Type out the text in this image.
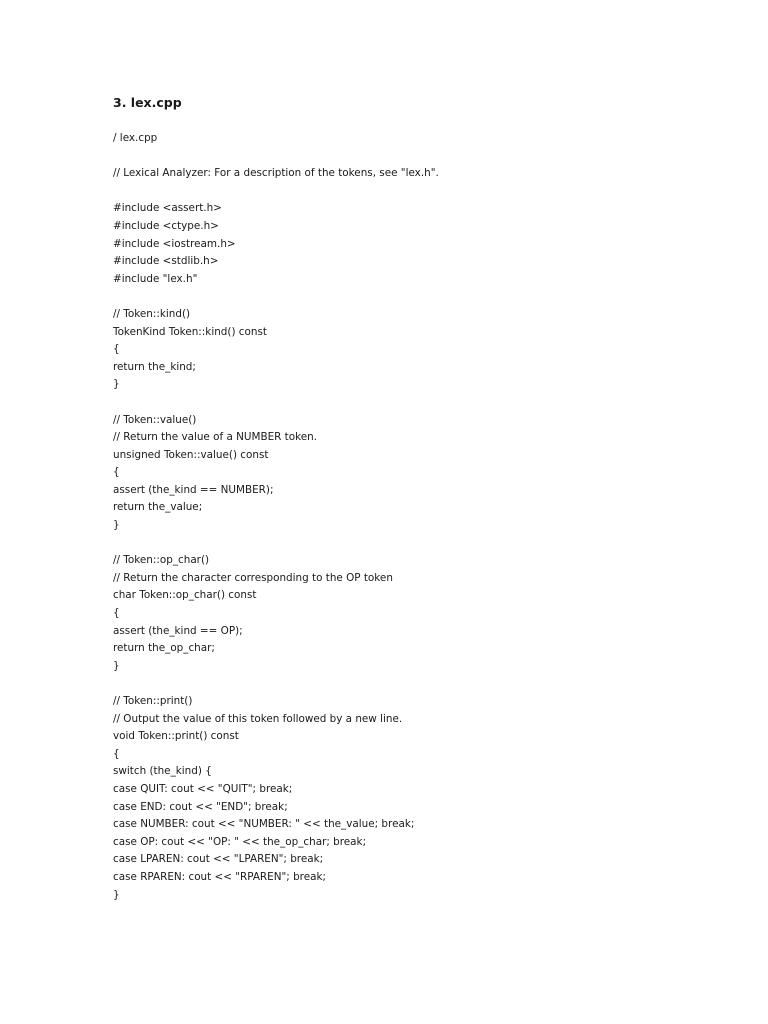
3. lex.cpp
/ lex.cpp
// Lexical Analyzer: For a description of the tokens, see "lex.h".
#include <assert.h>
#include <ctype.h>
#include <iostream.h>
#include <stdlib.h>
#include "lex.h"
// Token::kind()
TokenKind Token::kind() const
{
return the_kind;
}
// Token::value()
// Return the value of a NUMBER token.
unsigned Token::value() const
{
assert (the_kind == NUMBER);
return the_value;
}
// Token::op_char()
// Return the character corresponding to the OP token
char Token::op_char() const
{
assert (the_kind == OP);
return the_op_char;
}
// Token::print()
// Output the value of this token followed by a new line.
void Token::print() const
{
switch (the_kind) {
case QUIT: cout << "QUIT"; break;
case END: cout << "END"; break;
case NUMBER: cout << "NUMBER: " << the_value; break;
case OP: cout << "OP: " << the_op_char; break;
case LPAREN: cout << "LPAREN"; break;
case RPAREN: cout << "RPAREN"; break;
}
